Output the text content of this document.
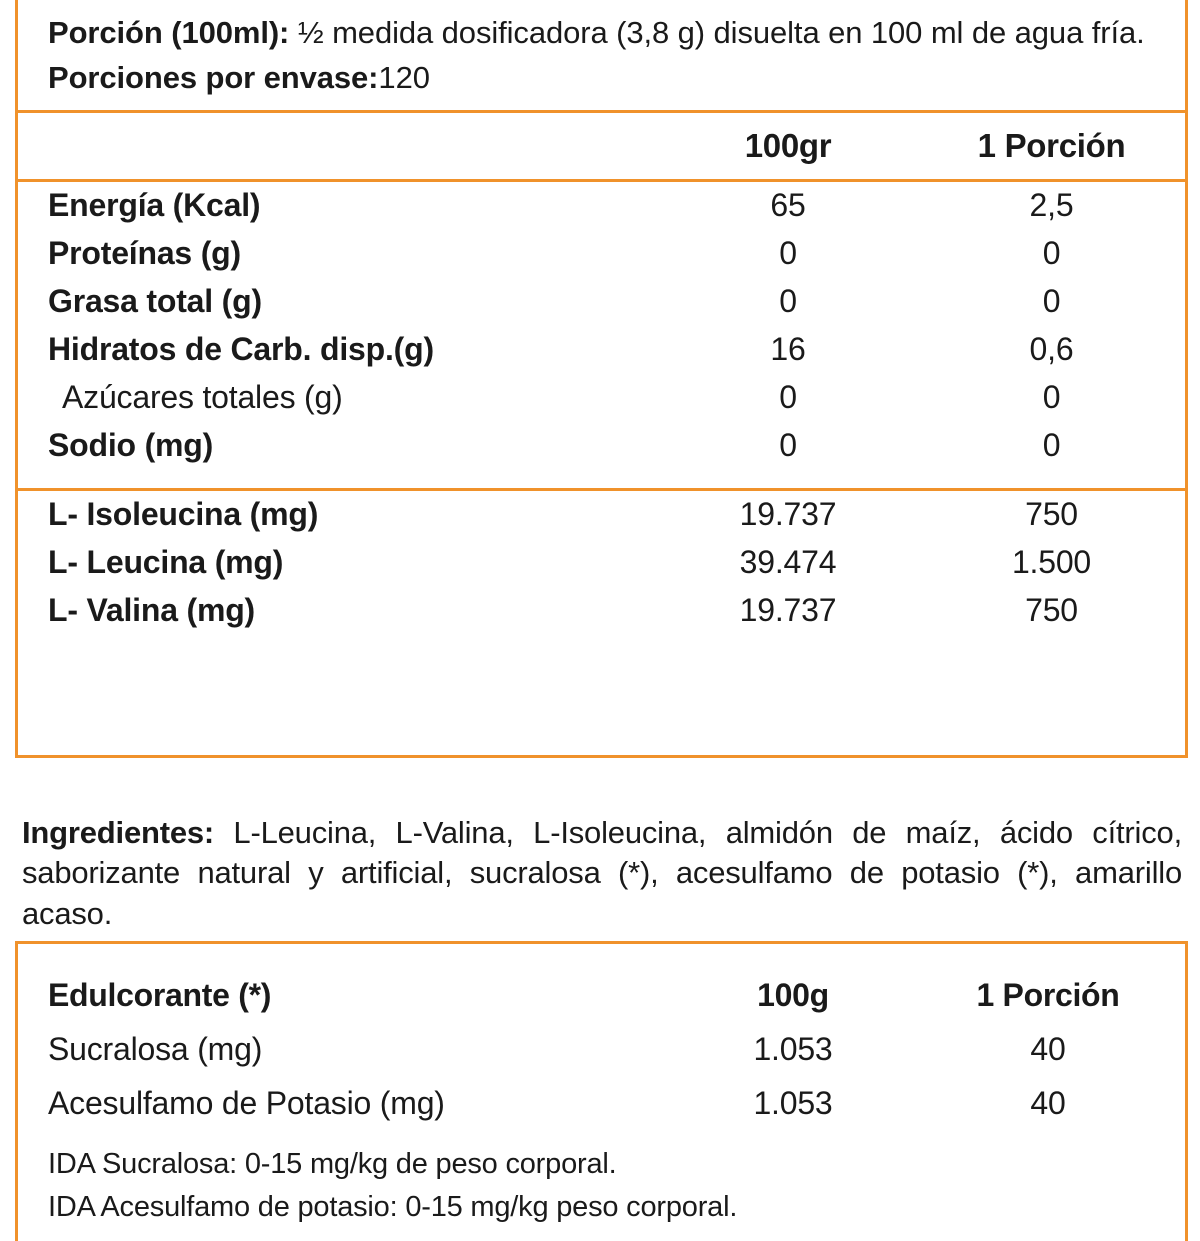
Porción (100ml): ½ medida dosificadora (3,8 g) disuelta en 100 ml de agua fría.
Porciones por envase:120
	100gr	1 Porción
Energía (Kcal)	65	2,5
Proteínas (g)	0	0
Grasa total (g)	0	0
Hidratos de Carb. disp.(g)	16	0,6
Azúcares totales (g)	0	0
Sodio (mg)	0	0
L- Isoleucina (mg)	19.737	750
L- Leucina (mg)	39.474	1.500
L- Valina (mg)	19.737	750

Ingredientes: L-Leucina, L-Valina, L-Isoleucina, almidón de maíz, ácido cítrico, saborizante natural y artificial, sucralosa (*), acesulfamo de potasio (*), amarillo acaso.

Edulcorante (*)	100g	1 Porción
Sucralosa (mg)	1.053	40
Acesulfamo de Potasio (mg)	1.053	40
IDA Sucralosa: 0-15 mg/kg de peso corporal.
IDA Acesulfamo de potasio: 0-15 mg/kg peso corporal.
